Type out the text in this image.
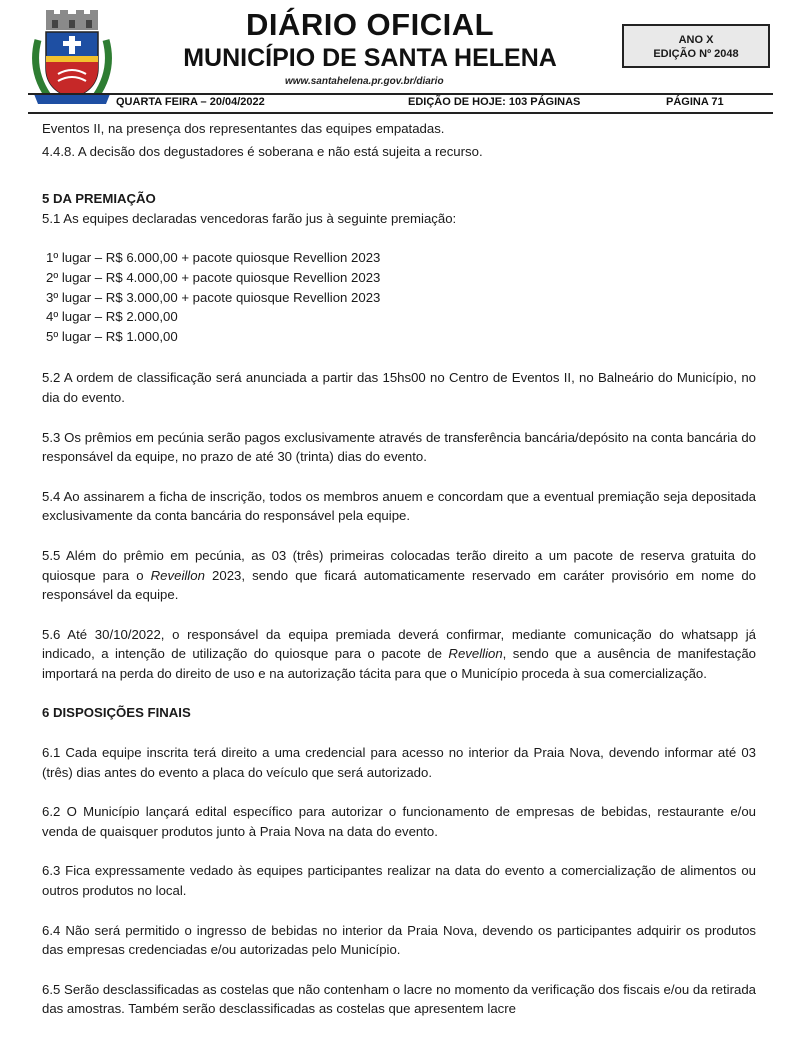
DIÁRIO OFICIAL
MUNICÍPIO DE SANTA HELENA
www.santahelena.pr.gov.br/diario
ANO X
EDIÇÃO Nº 2048
QUARTA FEIRA – 20/04/2022	EDIÇÃO DE HOJE: 103 PÁGINAS	PÁGINA 71

Eventos II, na presença dos representantes das equipes empatadas.

4.4.8. A decisão dos degustadores é soberana e não está sujeita a recurso.

5 DA PREMIAÇÃO

5.1 As equipes declaradas vencedoras farão jus à seguinte premiação:

1º lugar – R$ 6.000,00 + pacote quiosque Revellion 2023

2º lugar – R$ 4.000,00 + pacote quiosque Revellion 2023

3º lugar – R$ 3.000,00 + pacote quiosque Revellion 2023

4º lugar – R$ 2.000,00

5º lugar – R$ 1.000,00

5.2 A ordem de classificação será anunciada a partir das 15hs00 no Centro de Eventos II, no Balneário do Município, no dia do evento.

5.3 Os prêmios em pecúnia serão pagos exclusivamente através de transferência bancária/depósito na conta bancária do responsável da equipe, no prazo de até 30 (trinta) dias do evento.

5.4 Ao assinarem a ficha de inscrição, todos os membros anuem e concordam que a eventual premiação seja depositada exclusivamente da conta bancária do responsável pela equipe.

5.5 Além do prêmio em pecúnia, as 03 (três) primeiras colocadas terão direito a um pacote de reserva gratuita do quiosque para o Reveillon 2023, sendo que ficará automaticamente reservado em caráter provisório em nome do responsável da equipe.

5.6 Até 30/10/2022, o responsável da equipa premiada deverá confirmar, mediante comunicação do whatsapp já indicado, a intenção de utilização do quiosque para o pacote de Revellion, sendo que a ausência de manifestação importará na perda do direito de uso e na autorização tácita para que o Município proceda à sua comercialização.

6 DISPOSIÇÕES FINAIS

6.1 Cada equipe inscrita terá direito a uma credencial para acesso no interior da Praia Nova, devendo informar até 03 (três) dias antes do evento a placa do veículo que será autorizado.

6.2 O Município lançará edital específico para autorizar o funcionamento de empresas de bebidas, restaurante e/ou venda de quaisquer produtos junto à Praia Nova na data do evento.

6.3 Fica expressamente vedado às equipes participantes realizar na data do evento a comercialização de alimentos ou outros produtos no local.

6.4 Não será permitido o ingresso de bebidas no interior da Praia Nova, devendo os participantes adquirir os produtos das empresas credenciadas e/ou autorizadas pelo Município.

6.5 Serão desclassificadas as costelas que não contenham o lacre no momento da verificação dos fiscais e/ou da retirada das amostras. Também serão desclassificadas as costelas que apresentem lacre
